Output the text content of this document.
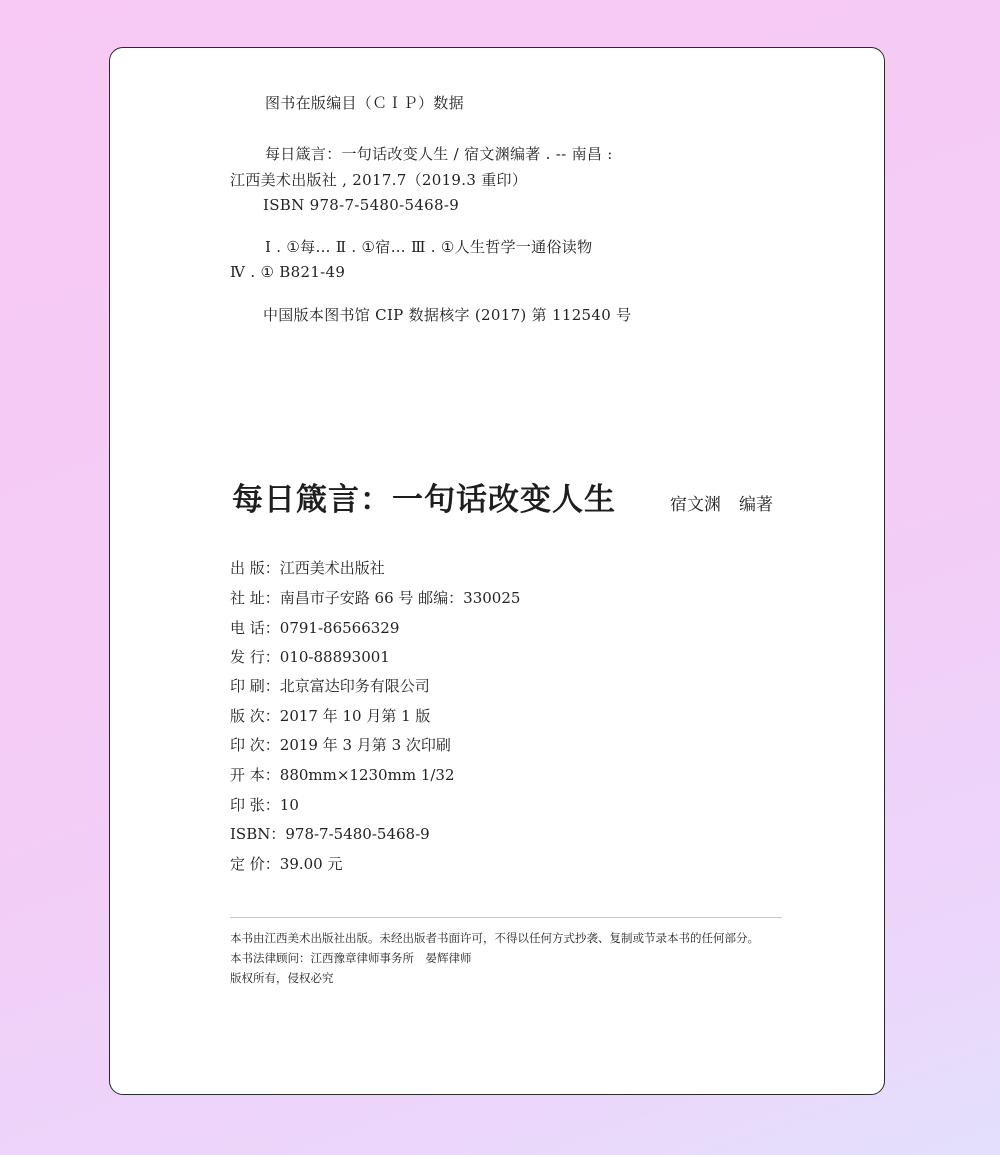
图书在版编目（ＣＩＰ）数据
每日箴言：一句话改变人生 / 宿文渊编著 . -- 南昌 :
江西美术出版社 , 2017.7（2019.3 重印）
ISBN 978-7-5480-5468-9
Ⅰ . ①每… Ⅱ . ①宿… Ⅲ . ①人生哲学一通俗读物
Ⅳ . ① B821-49
中国版本图书馆 CIP 数据核字 (2017) 第 112540 号
每日箴言：一句话改变人生	宿文渊 编著
出 版：江西美术出版社
社 址：南昌市子安路 66 号 邮编：330025
电 话：0791-86566329
发 行：010-88893001
印 刷：北京富达印务有限公司
版 次：2017 年 10 月第 1 版
印 次：2019 年 3 月第 3 次印刷
开 本：880mm×1230mm 1/32
印 张：10
ISBN：978-7-5480-5468-9
定 价：39.00 元
本书由江西美术出版社出版。未经出版者书面许可，不得以任何方式抄袭、复制或节录本书的任何部分。
本书法律顾问：江西豫章律师事务所　晏辉律师
版权所有，侵权必究
